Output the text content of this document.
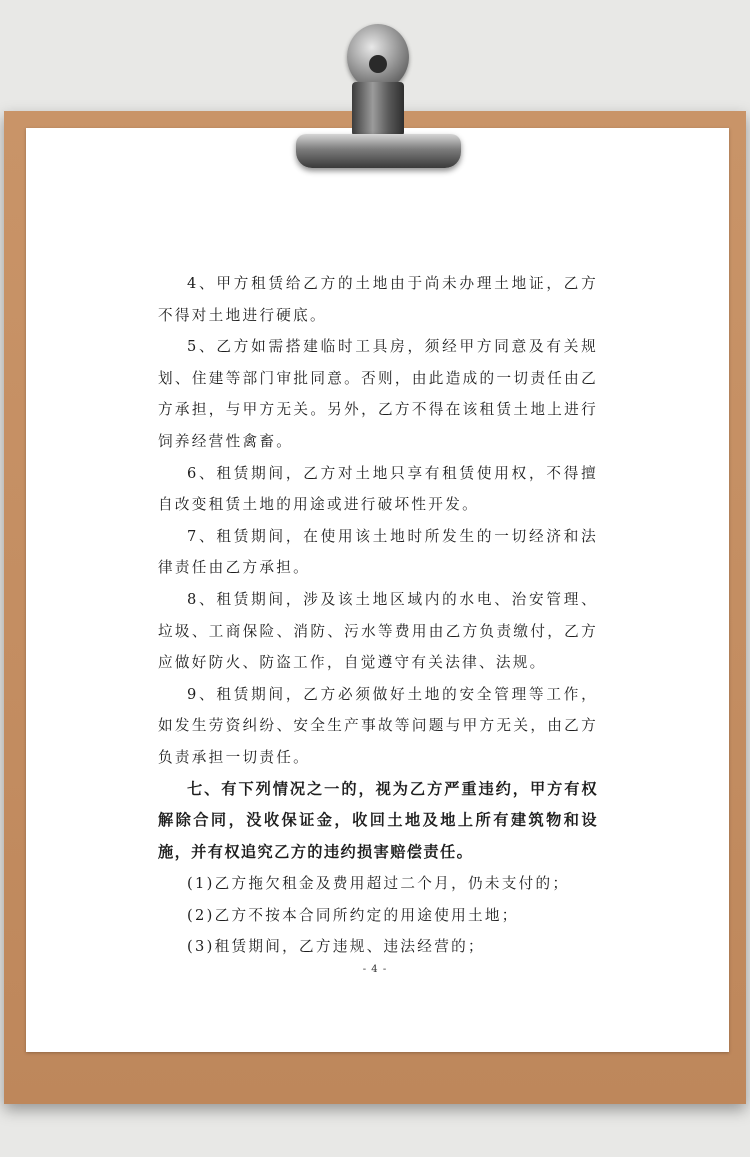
4、甲方租赁给乙方的土地由于尚未办理土地证，乙方不得对土地进行硬底。

5、乙方如需搭建临时工具房，须经甲方同意及有关规划、住建等部门审批同意。否则，由此造成的一切责任由乙方承担，与甲方无关。另外，乙方不得在该租赁土地上进行饲养经营性禽畜。

6、租赁期间，乙方对土地只享有租赁使用权，不得擅自改变租赁土地的用途或进行破坏性开发。

7、租赁期间，在使用该土地时所发生的一切经济和法律责任由乙方承担。

8、租赁期间，涉及该土地区域内的水电、治安管理、垃圾、工商保险、消防、污水等费用由乙方负责缴付，乙方应做好防火、防盗工作，自觉遵守有关法律、法规。

9、租赁期间，乙方必须做好土地的安全管理等工作，如发生劳资纠纷、安全生产事故等问题与甲方无关，由乙方负责承担一切责任。

七、有下列情况之一的，视为乙方严重违约，甲方有权解除合同，没收保证金，收回土地及地上所有建筑物和设施，并有权追究乙方的违约损害赔偿责任。

(1)乙方拖欠租金及费用超过二个月，仍未支付的；

(2)乙方不按本合同所约定的用途使用土地；

(3)租赁期间，乙方违规、违法经营的；

- 4 -
